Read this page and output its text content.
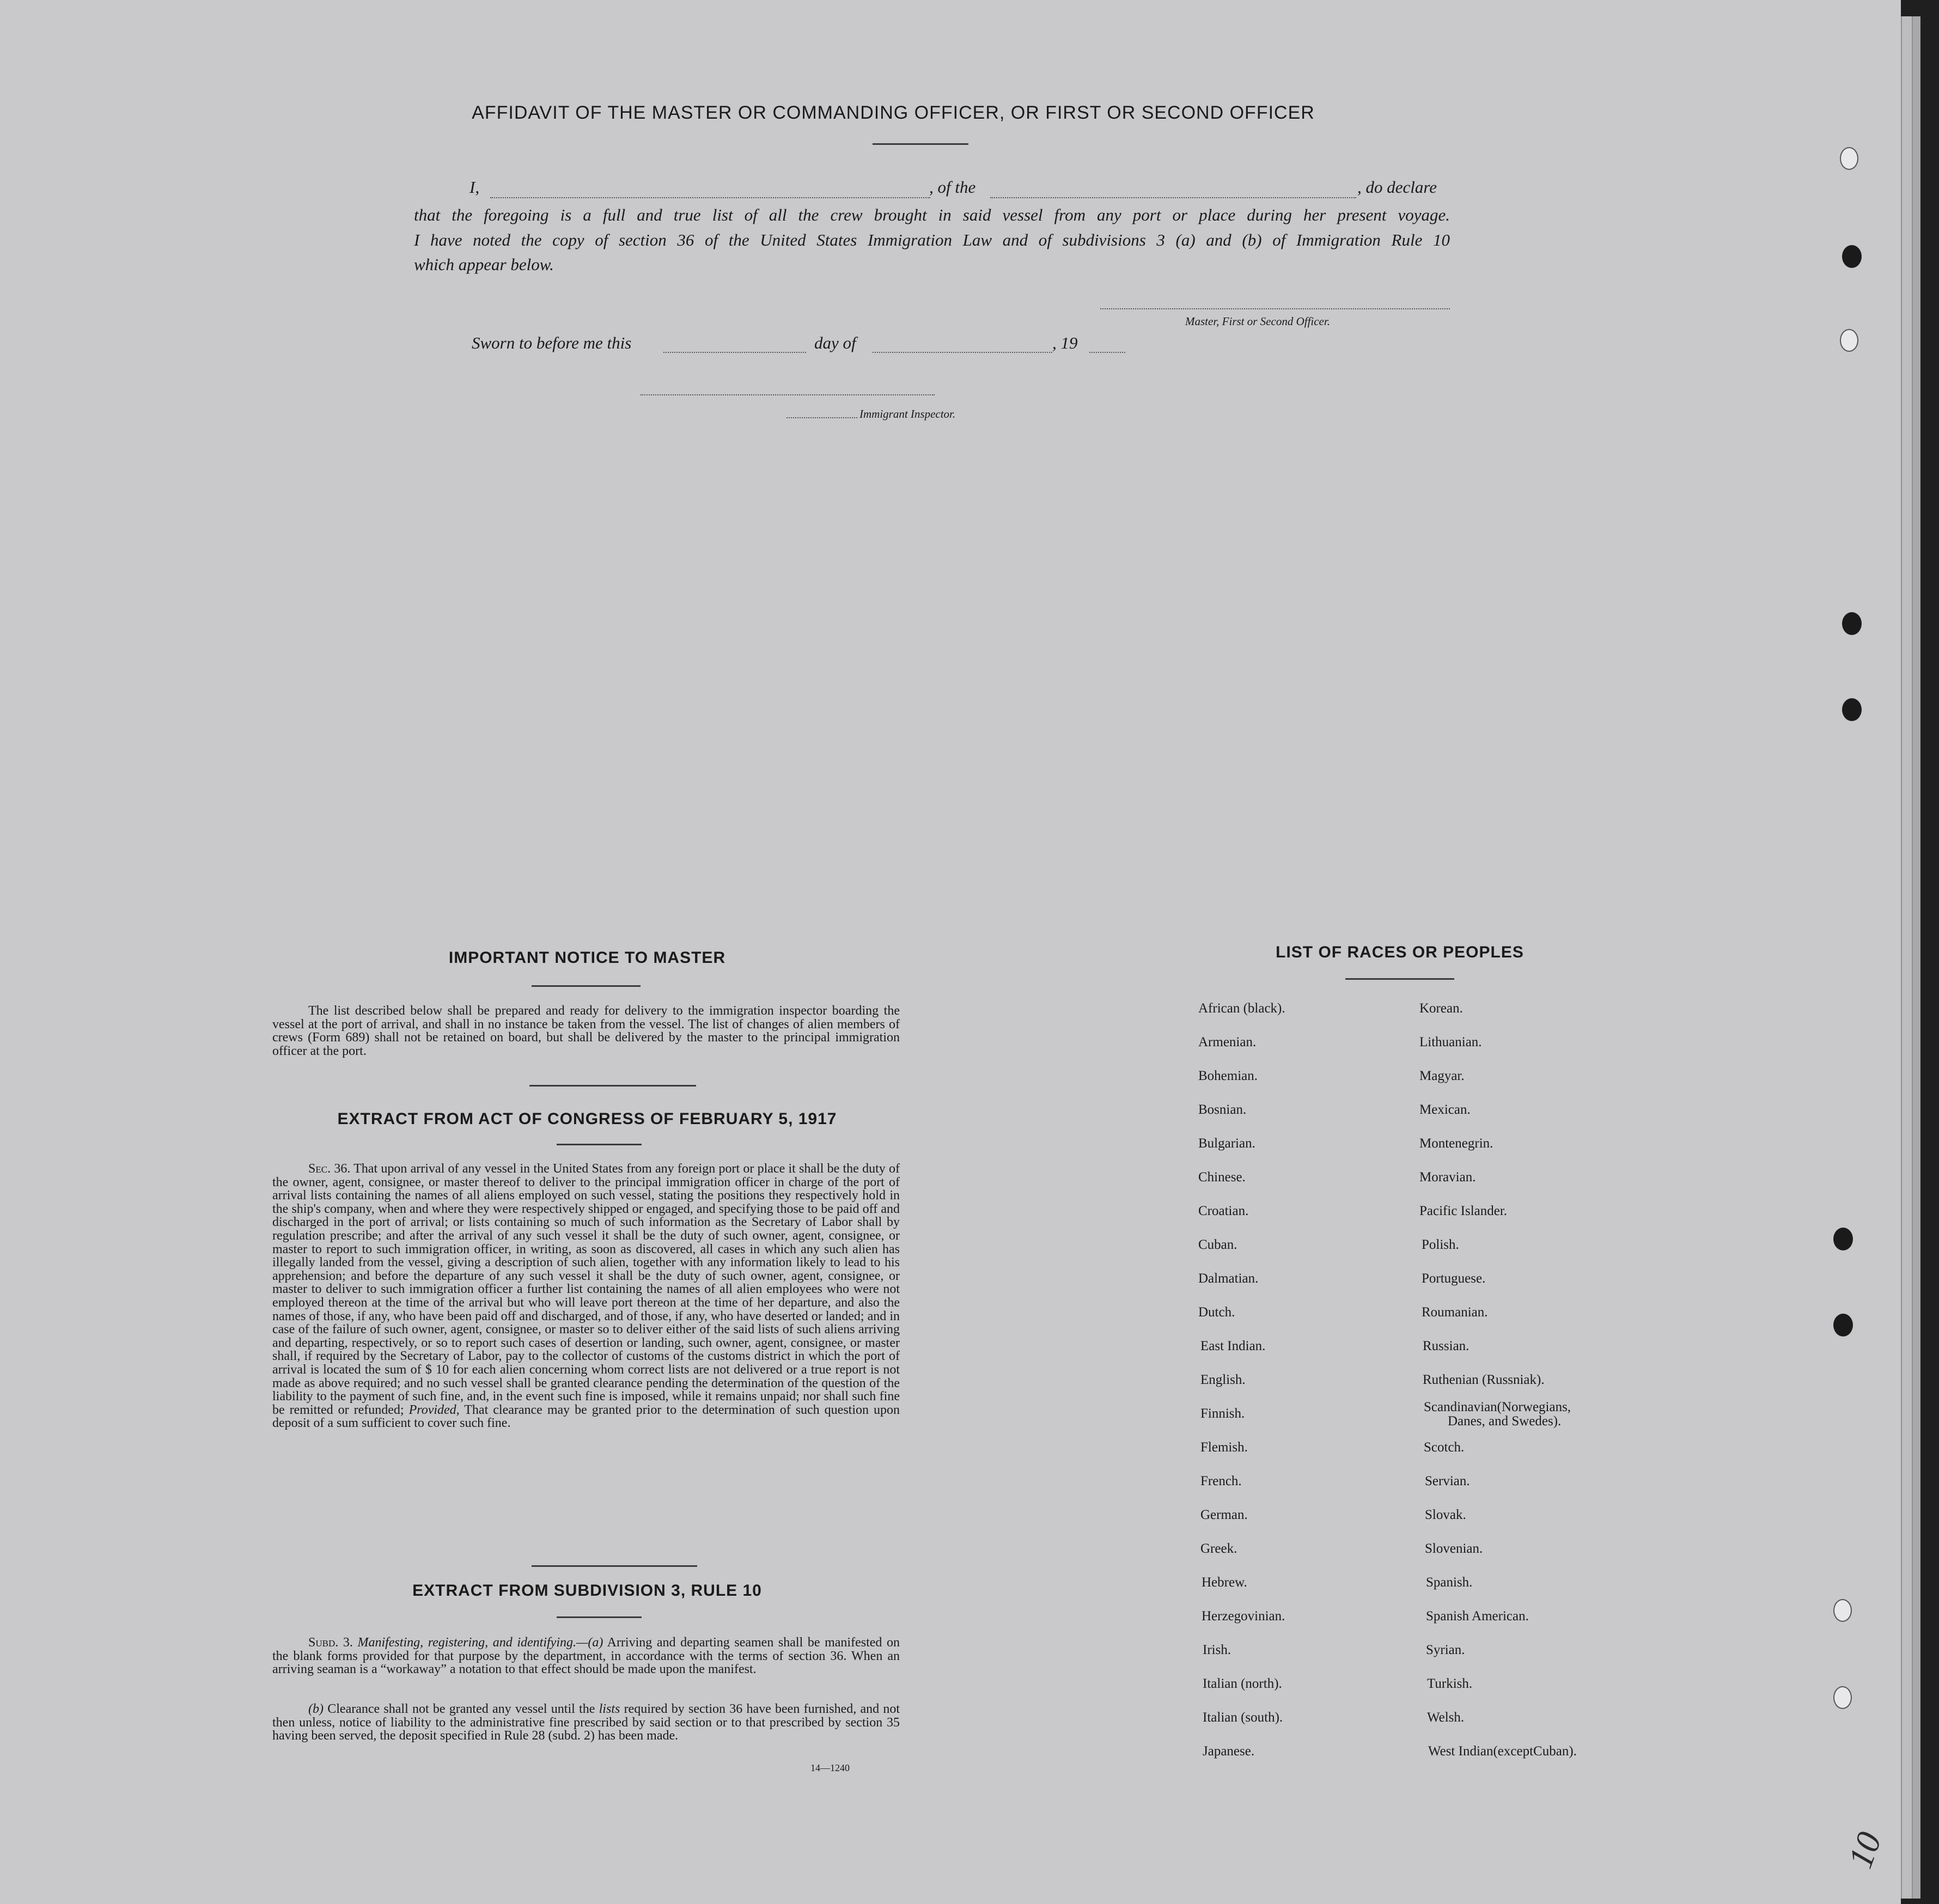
AFFIDAVIT OF THE MASTER OR COMMANDING OFFICER, OR FIRST OR SECOND OFFICER
I,	, of the	, do declare
that the foregoing is a full and true list of all the crew brought in said vessel from any port or place during her present voyage.
I have noted the copy of section 36 of the United States Immigration Law and of subdivisions 3 (a) and (b) of Immigration Rule 10
which appear below.
Master, First or Second Officer.
Sworn to before me this	day of	, 19
Immigrant Inspector.
IMPORTANT NOTICE TO MASTER
The list described below shall be prepared and ready for delivery to the immigration inspector boarding the vessel at the port of arrival, and shall in no instance be taken from the vessel. The list of changes of alien members of crews (Form 689) shall not be retained on board, but shall be delivered by the master to the principal immigration officer at the port.
EXTRACT FROM ACT OF CONGRESS OF FEBRUARY 5, 1917
Sec. 36. That upon arrival of any vessel in the United States from any foreign port or place it shall be the duty of the owner, agent, consignee, or master thereof to deliver to the principal immigration officer in charge of the port of arrival lists containing the names of all aliens employed on such vessel, stating the positions they respectively hold in the ship's company, when and where they were respectively shipped or engaged, and specifying those to be paid off and discharged in the port of arrival; or lists containing so much of such information as the Secretary of Labor shall by regulation prescribe; and after the arrival of any such vessel it shall be the duty of such owner, agent, consignee, or master to report to such immigration officer, in writing, as soon as discovered, all cases in which any such alien has illegally landed from the vessel, giving a description of such alien, together with any information likely to lead to his apprehension; and before the departure of any such vessel it shall be the duty of such owner, agent, consignee, or master to deliver to such immigration officer a further list containing the names of all alien employees who were not employed thereon at the time of the arrival but who will leave port thereon at the time of her departure, and also the names of those, if any, who have been paid off and discharged, and of those, if any, who have deserted or landed; and in case of the failure of such owner, agent, consignee, or master so to deliver either of the said lists of such aliens arriving and departing, respectively, or so to report such cases of desertion or landing, such owner, agent, consignee, or master shall, if required by the Secretary of Labor, pay to the collector of customs of the customs district in which the port of arrival is located the sum of $ 10 for each alien concerning whom correct lists are not delivered or a true report is not made as above required; and no such vessel shall be granted clearance pending the determination of the question of the liability to the payment of such fine, and, in the event such fine is imposed, while it remains unpaid; nor shall such fine be remitted or refunded; Provided, That clearance may be granted prior to the determination of such question upon deposit of a sum sufficient to cover such fine.
EXTRACT FROM SUBDIVISION 3, RULE 10
Subd. 3. Manifesting, registering, and identifying.—(a) Arriving and departing seamen shall be manifested on the blank forms provided for that purpose by the department, in accordance with the terms of section 36. When an arriving seaman is a “workaway” a notation to that effect should be made upon the manifest.
(b) Clearance shall not be granted any vessel until the lists required by section 36 have been furnished, and not then unless, notice of liability to the administrative fine prescribed by said section or to that prescribed by section 35 having been served, the deposit specified in Rule 28 (subd. 2) has been made.
14—1240
LIST OF RACES OR PEOPLES
African (black).
Armenian.
Bohemian.
Bosnian.
Bulgarian.
Chinese.
Croatian.
Cuban.
Dalmatian.
Dutch.
East Indian.
English.
Finnish.
Flemish.
French.
German.
Greek.
Hebrew.
Herzegovinian.
Irish.
Italian (north).
Italian (south).
Japanese.
Korean.
Lithuanian.
Magyar.
Mexican.
Montenegrin.
Moravian.
Pacific Islander.
Polish.
Portuguese.
Roumanian.
Russian.
Ruthenian (Russniak).
Scandinavian(Norwegians,
Danes, and Swedes).
Scotch.
Servian.
Slovak.
Slovenian.
Spanish.
Spanish American.
Syrian.
Turkish.
Welsh.
West Indian(exceptCuban).
10
